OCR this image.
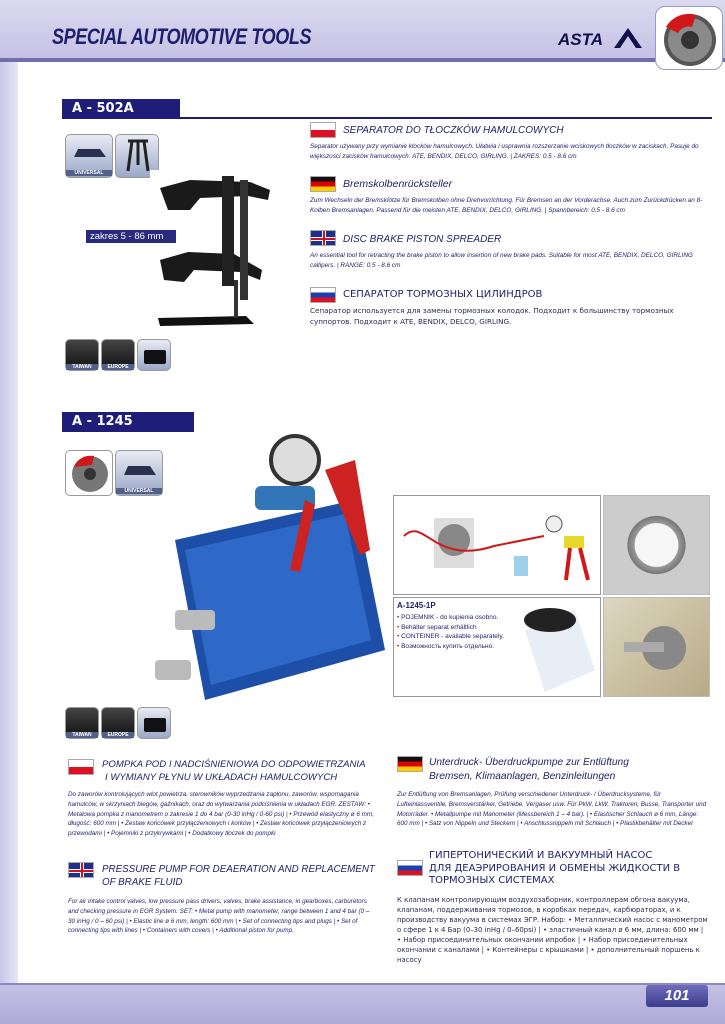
SPECIAL AUTOMOTIVE TOOLS	ASTA
A - 502A
UNIVERSAL
zakres 5 - 86 mm
TAIWAN	EUROPE
SEPARATOR DO TŁOCZKÓW HAMULCOWYCH
Separator używany przy wymianie klocków hamulcowych. Ułatwia i usprawnia rozszerzanie wciskowych tłoczków w zaciskach. Pasuje do większości zacisków hamulcowych: ATE, BENDIX, DELCO, GIRLING. | ZAKRES: 0.5 - 8.6 cm
Bremskolbenrücksteller
Zum Wechseln der Bremsklötze für Bremskolben ohne Drehvorrichtung. Für Bremsen an der Vorderachse. Auch zum Zurückdrücken an 8-Kolben Bremsanlagen. Passend für die meisten ATE, BENDIX, DELCO, GIRLING. | Spannbereich: 0.5 - 8.6 cm
DISC BRAKE PISTON SPREADER
An essential tool for retracting the brake piston to allow insertion of new brake pads. Suitable for most ATE, BENDIX, DELCO, GIRLING callipers. | RANGE: 0.5 - 8.6 cm
СЕПАРАТОР ТОРМОЗНЫХ ЦИЛИНДРОВ
Сепаратор используется для замены тормозных колодок. Подходит к большинству тормозных суппортов. Подходит к ATE, BENDIX, DELCO, GIRLING.
A - 1245
UNIVERSAL
A-1245-1P
• POJEMNIK - do kupienia osobno.
• Behälter separat erhältlich
• CONTEINER - available separately.
• Возможность купить отдельно.
TAIWAN	EUROPE
POMPKA POD I NADCIŚNIENIOWA DO ODPOWIETRZANIA
I WYMIANY PŁYNU W UKŁADACH HAMULCOWYCH
Do zaworów kontrolujących wlot powietrza, sterowników wyprzedzania zapłonu, zaworów, wspomagania hamulców, w skrzyniach biegów, gaźnikach, oraz do wytwarzania podciśnienia w układach EGR. ZESTAW: • Metalowa pompka z manometrem o zakresie 1 do 4 bar (0-30 inHg / 0-60 psi) | • Przewód elastyczny ø 6 mm, długość: 600 mm | • Zestaw końcówek przyłączeniowych i korków | • Zestaw końcówek przyłączeniowych z przewodami | • Pojemniki z przykrywkami | • Dodatkowy tłoczek do pompki
PRESSURE PUMP FOR DEAERATION AND REPLACEMENT
OF BRAKE FLUID
For air intake control valves, low pressure pass drivers, valves, brake assistance, in gearboxes, carburetors and checking pressure in EGR System. SET: • Metal pump with manometer, range between 1 and 4 bar (0 – 30 inHg / 0 – 60 psi) | • Elastic line ø 6 mm, length: 600 mm | • Set of connecting tips and plugs | • Set of connecting tips with lines | • Containers with covers | • Additional piston for pump.
Unterdruck- Überdruckpumpe zur Entlüftung
Bremsen, Klimaanlagen, Benzinleitungen
Zur Entlüftung von Bremsanlagen, Prüfung verschiedener Unterdruck- / Überdrucksysteme, für Lufteinlassventile, Bremsverstärker, Getriebe, Vergaser usw. Für PkW, LkW, Traktoren, Busse, Transporter und Motorräder. • Metallpumpe mit Manometer (Messbereich 1 – 4 bar). | • Elastischer Schlauch ø 6 mm, Länge: 600 mm | • Satz von Nippeln und Steckern | • Anschlussnippeln mit Schlauch | • Plastikbehälter mit Deckel
ГИПЕРТОНИЧЕСКИЙ И ВАКУУМНЫЙ НАСОС
ДЛЯ ДЕАЭРИРОВАНИЯ И ОБМЕНЫ ЖИДКОСТИ В
ТОРМОЗНЫХ СИСТЕМАХ
К клапанам контролирующим воздухозаборник, контроллерам обгона вакуума, клапанам, поддерживания тормозов, в коробках передач, карбюраторах, и к производству вакуума в системах ЭГР. Набор: • Металлический насос с манометром о сфере 1 к 4 Бар (0–30 inHg / 0–60psi) | • эластичный канал ø 6 мм, длина: 600 мм | • Набор присоединительных окончании ипробок | • Набор присоединительных окончании с каналами | • Контейнеры с крышками | • дополнительный поршень к насосу
101
